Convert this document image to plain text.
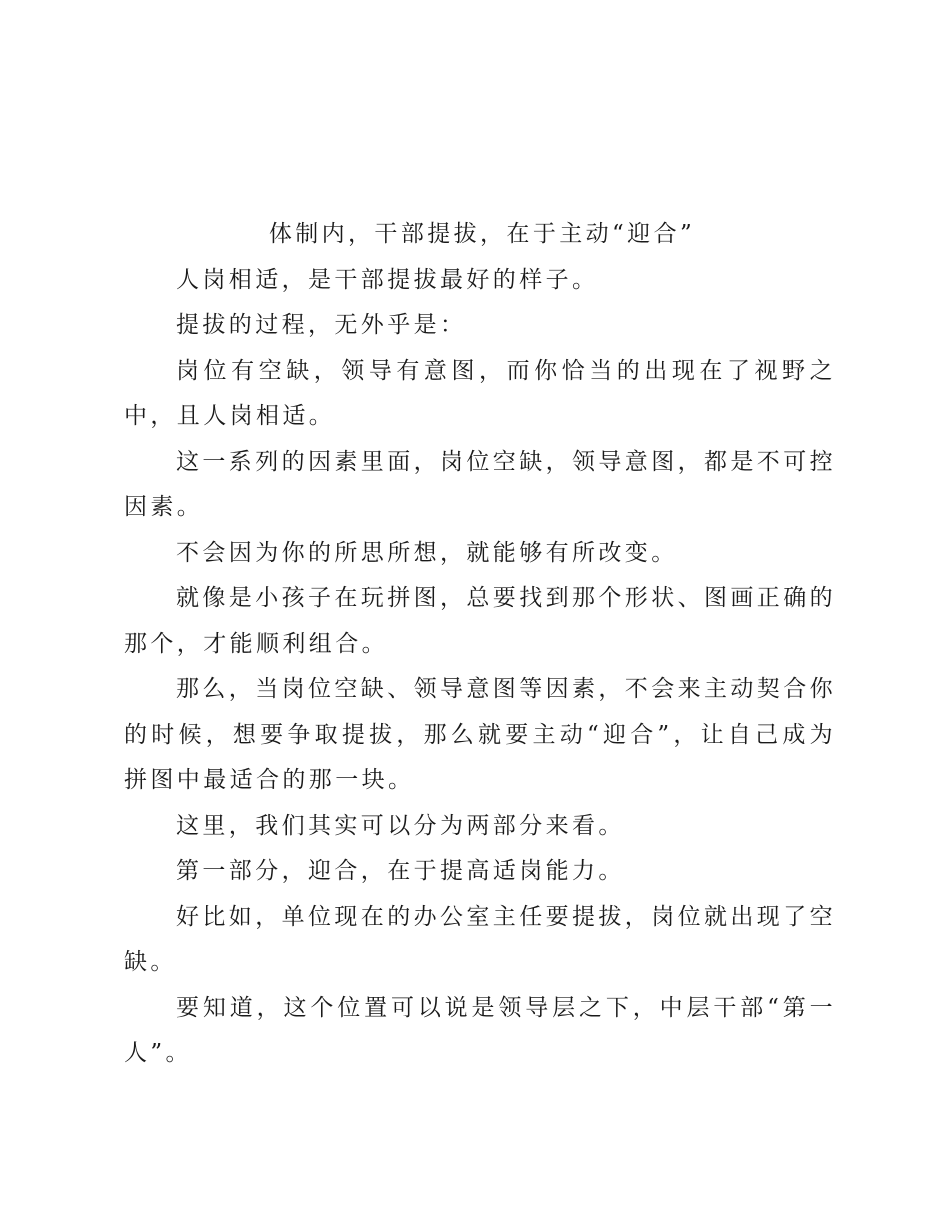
体制内，干部提拔，在于主动“迎合”

人岗相适，是干部提拔最好的样子。

提拔的过程，无外乎是：

岗位有空缺，领导有意图，而你恰当的出现在了视野之中，且人岗相适。

这一系列的因素里面，岗位空缺，领导意图，都是不可控因素。

不会因为你的所思所想，就能够有所改变。

就像是小孩子在玩拼图，总要找到那个形状、图画正确的那个，才能顺利组合。

那么，当岗位空缺、领导意图等因素，不会来主动契合你的时候，想要争取提拔，那么就要主动“迎合”，让自己成为拼图中最适合的那一块。

这里，我们其实可以分为两部分来看。

第一部分，迎合，在于提高适岗能力。

好比如，单位现在的办公室主任要提拔，岗位就出现了空缺。

要知道，这个位置可以说是领导层之下，中层干部“第一人”。
